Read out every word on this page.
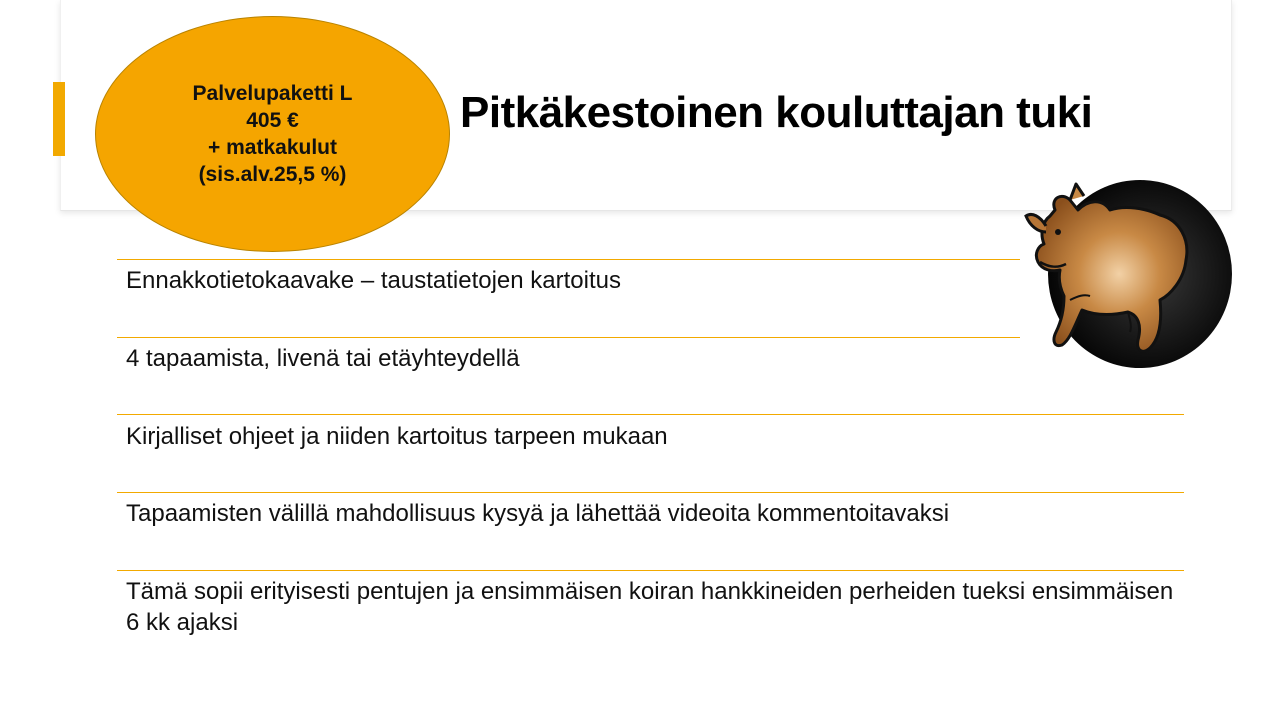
Palvelupaketti L
405 €
+ matkakulut
(sis.alv.25,5 %)
Pitkäkestoinen kouluttajan tuki

Ennakkotietokaavake – taustatietojen kartoitus

4 tapaamista, livenä tai etäyhteydellä

Kirjalliset ohjeet ja niiden kartoitus tarpeen mukaan

Tapaamisten välillä mahdollisuus kysyä ja lähettää videoita kommentoitavaksi

Tämä sopii erityisesti pentujen ja ensimmäisen koiran hankkineiden perheiden tueksi ensimmäisen 6 kk ajaksi
